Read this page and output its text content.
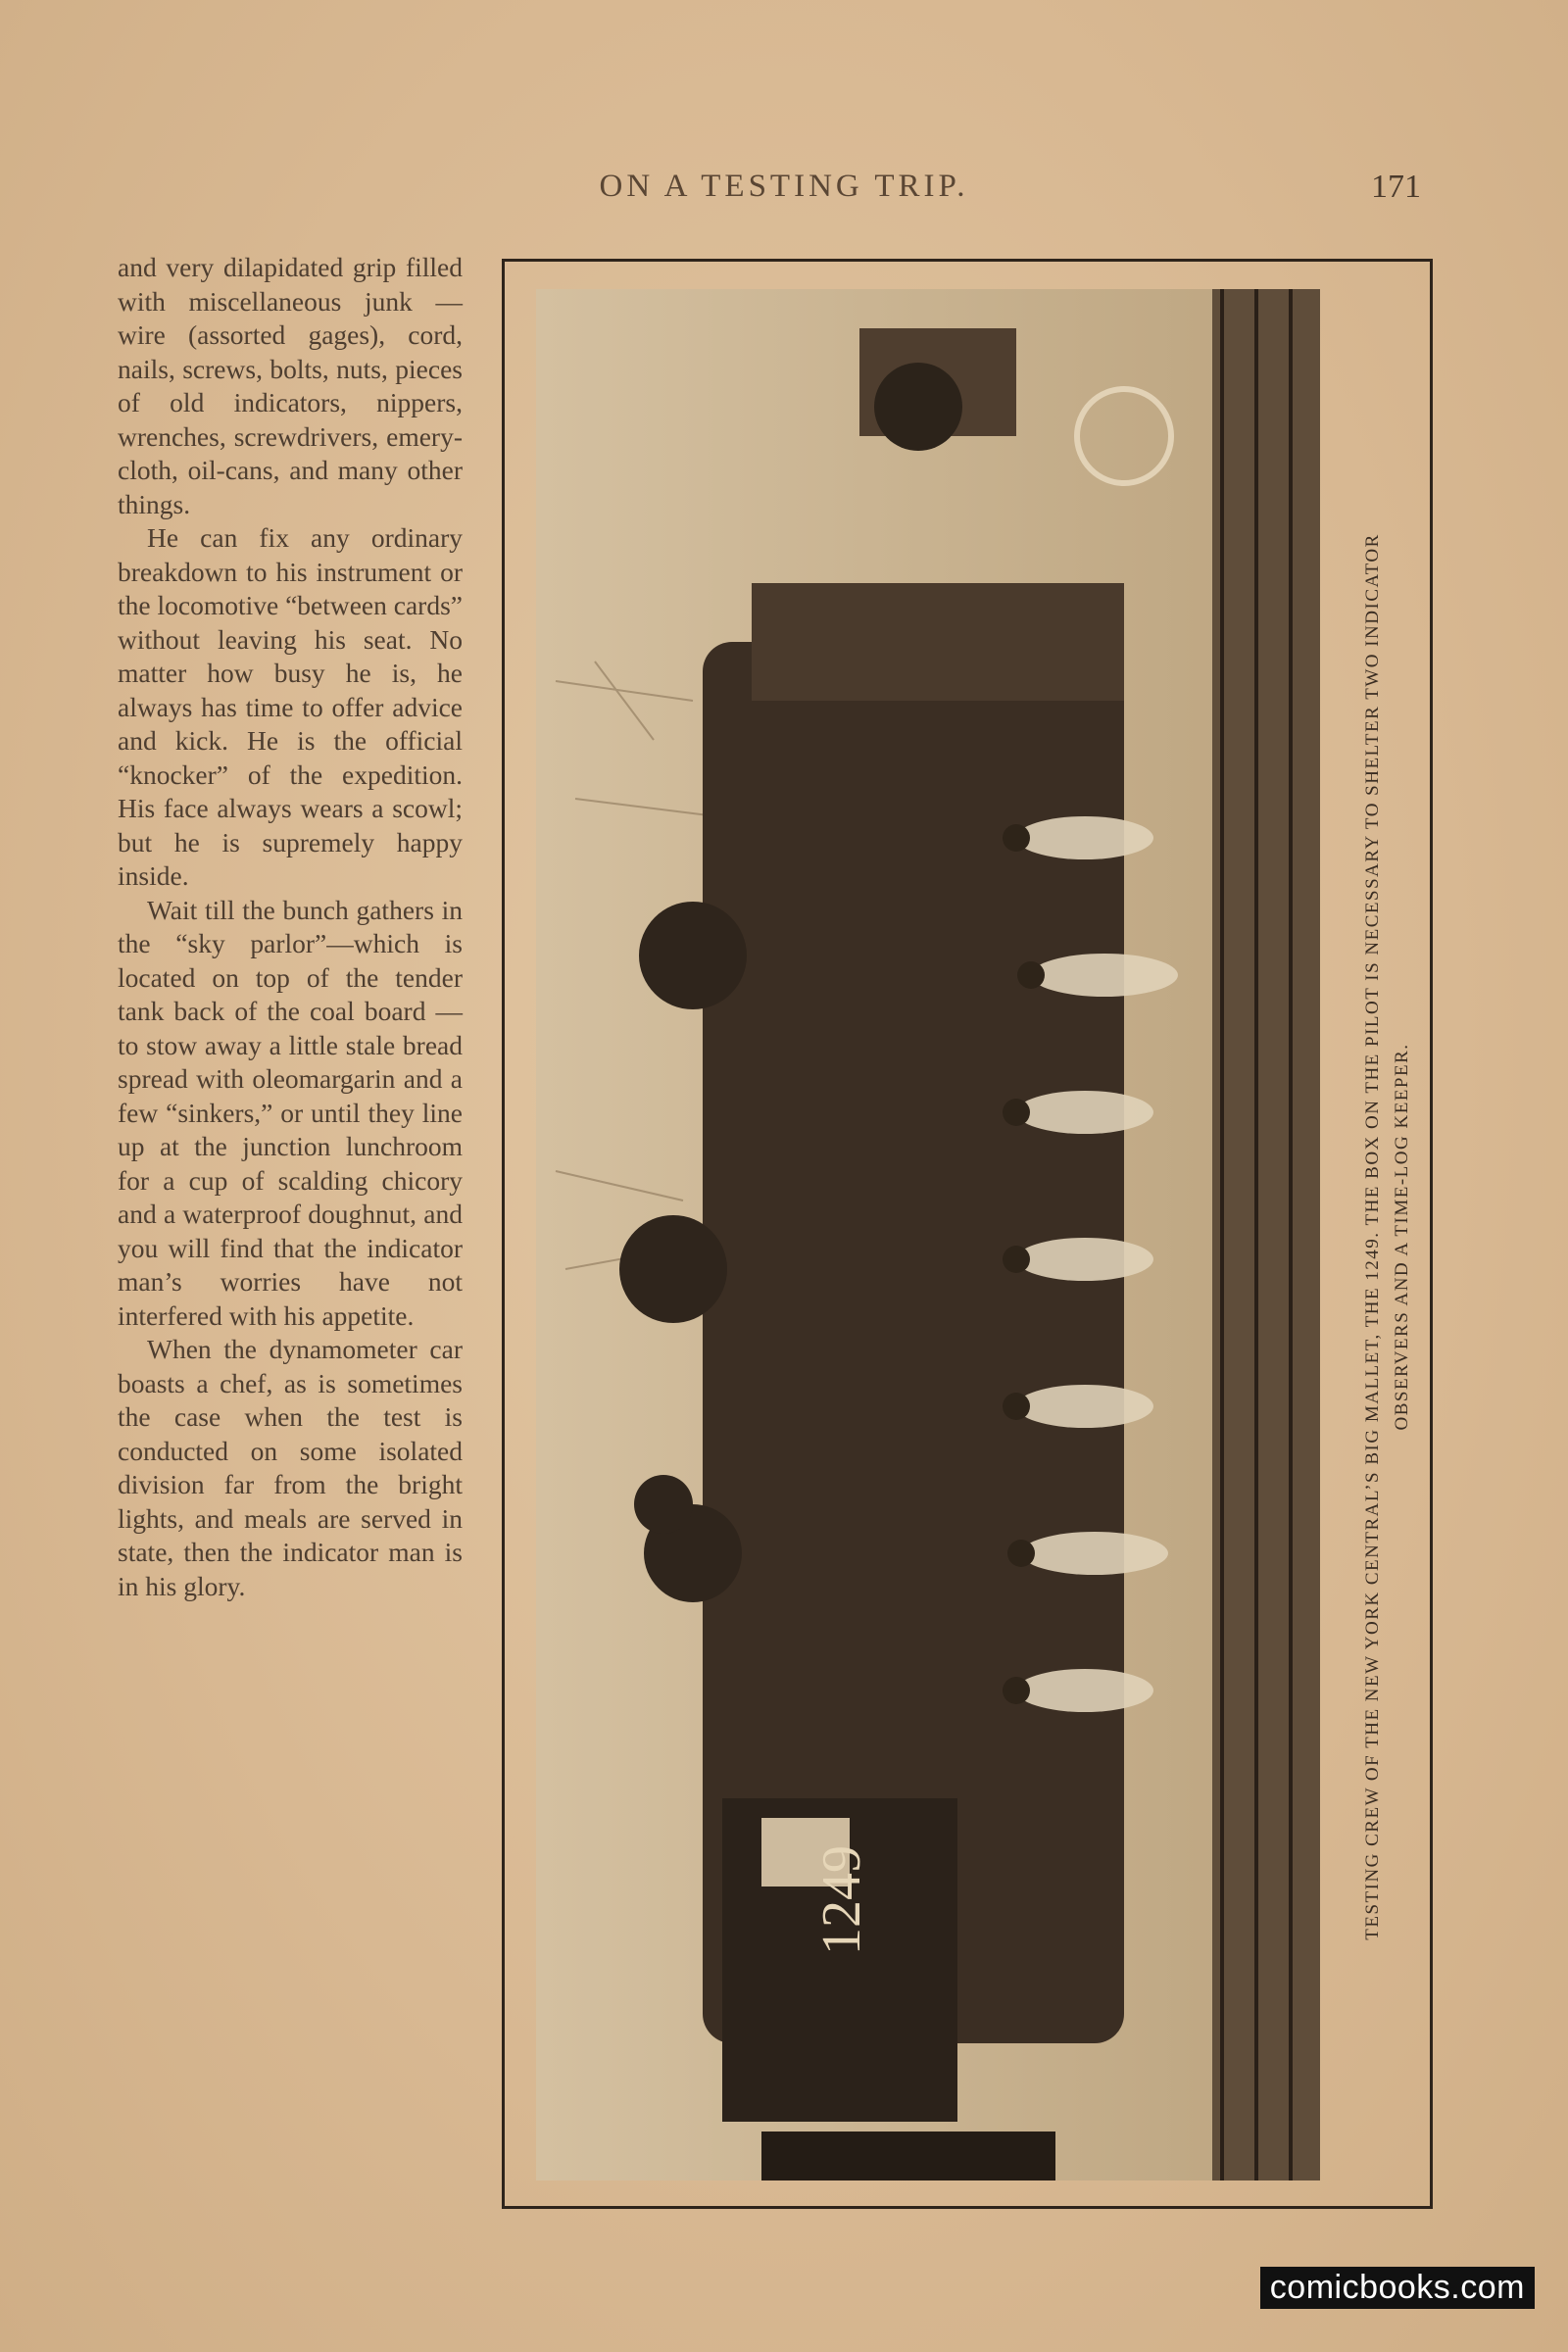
ON A TESTING TRIP.	171

and very dilapidated grip filled with miscellaneous junk — wire (assorted gages), cord, nails, screws, bolts, nuts, pieces of old indicators, nippers, wrenches, screwdrivers, emery-cloth, oil-cans, and many other things.

He can fix any ordinary breakdown to his instrument or the locomotive “between cards” without leaving his seat. No matter how busy he is, he always has time to offer advice and kick. He is the official “knocker” of the expedition. His face always wears a scowl; but he is supremely happy inside.

Wait till the bunch gathers in the “sky parlor”—which is located on top of the tender tank back of the coal board — to stow away a little stale bread spread with oleomargarin and a few “sinkers,” or until they line up at the junction lunchroom for a cup of scalding chicory and a waterproof doughnut, and you will find that the indicator man’s worries have not interfered with his appetite.

When the dynamometer car boasts a chef, as is sometimes the case when the test is conducted on some isolated division far from the bright lights, and meals are served in state, then the indicator man is in his glory.

1249	TESTING CREW OF THE NEW YORK CENTRAL’S BIG MALLET, THE 1249. THE BOX ON THE PILOT IS NECESSARY TO SHELTER TWO INDICATOR OBSERVERS AND A TIME-LOG KEEPER.
comicbooks.com
